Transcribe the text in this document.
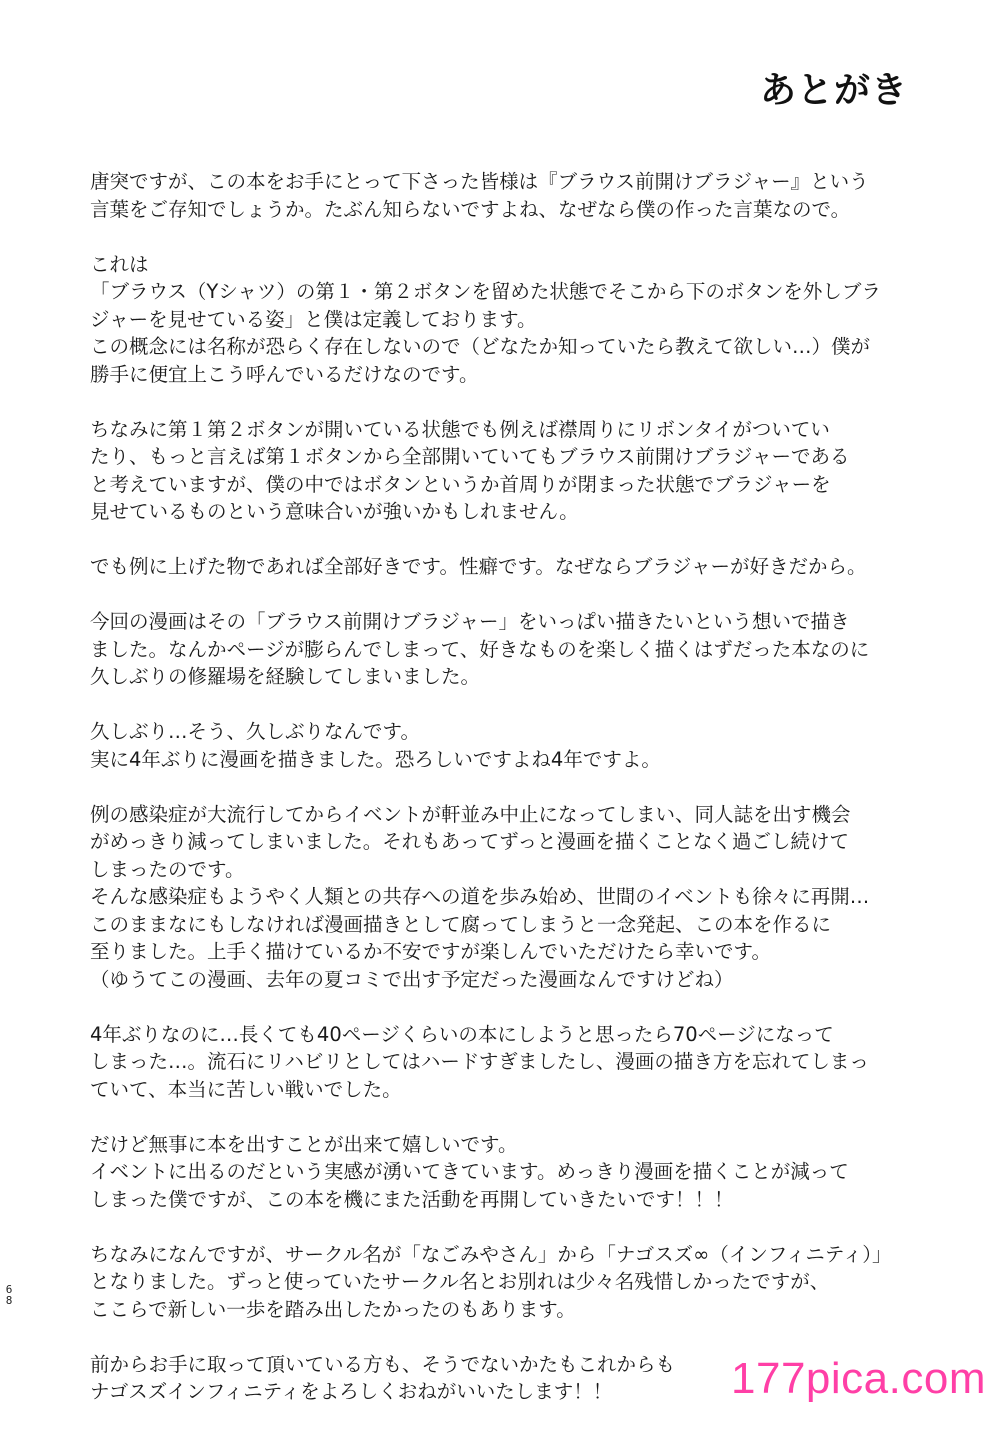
あとがき
唐突ですが、この本をお手にとって下さった皆様は『ブラウス前開けブラジャー』という
言葉をご存知でしょうか。たぶん知らないですよね、なぜなら僕の作った言葉なので。
これは
「ブラウス（Yシャツ）の第１・第２ボタンを留めた状態でそこから下のボタンを外しブラ
ジャーを見せている姿」と僕は定義しております。
この概念には名称が恐らく存在しないので（どなたか知っていたら教えて欲しい…）僕が
勝手に便宜上こう呼んでいるだけなのです。
ちなみに第１第２ボタンが開いている状態でも例えば襟周りにリボンタイがついてい
たり、もっと言えば第１ボタンから全部開いていてもブラウス前開けブラジャーである
と考えていますが、僕の中ではボタンというか首周りが閉まった状態でブラジャーを
見せているものという意味合いが強いかもしれません。
でも例に上げた物であれば全部好きです。性癖です。なぜならブラジャーが好きだから。
今回の漫画はその「ブラウス前開けブラジャー」をいっぱい描きたいという想いで描き
ました。なんかページが膨らんでしまって、好きなものを楽しく描くはずだった本なのに
久しぶりの修羅場を経験してしまいました。
久しぶり…そう、久しぶりなんです。
実に4年ぶりに漫画を描きました。恐ろしいですよね4年ですよ。
例の感染症が大流行してからイベントが軒並み中止になってしまい、同人誌を出す機会
がめっきり減ってしまいました。それもあってずっと漫画を描くことなく過ごし続けて
しまったのです。
そんな感染症もようやく人類との共存への道を歩み始め、世間のイベントも徐々に再開…
このままなにもしなければ漫画描きとして腐ってしまうと一念発起、この本を作るに
至りました。上手く描けているか不安ですが楽しんでいただけたら幸いです。
（ゆうてこの漫画、去年の夏コミで出す予定だった漫画なんですけどね）
4年ぶりなのに…長くても40ページくらいの本にしようと思ったら70ページになって
しまった…。流石にリハビリとしてはハードすぎましたし、漫画の描き方を忘れてしまっ
ていて、本当に苦しい戦いでした。
だけど無事に本を出すことが出来て嬉しいです。
イベントに出るのだという実感が湧いてきています。めっきり漫画を描くことが減って
しまった僕ですが、この本を機にまた活動を再開していきたいです！！！
ちなみになんですが、サークル名が「なごみやさん」から「ナゴスズ∞（インフィニティ）」
となりました。ずっと使っていたサークル名とお別れは少々名残惜しかったですが、
ここらで新しい一歩を踏み出したかったのもあります。
前からお手に取って頂いている方も、そうでないかたもこれからも
ナゴスズインフィニティをよろしくおねがいいたします！！
68
177pica.com
